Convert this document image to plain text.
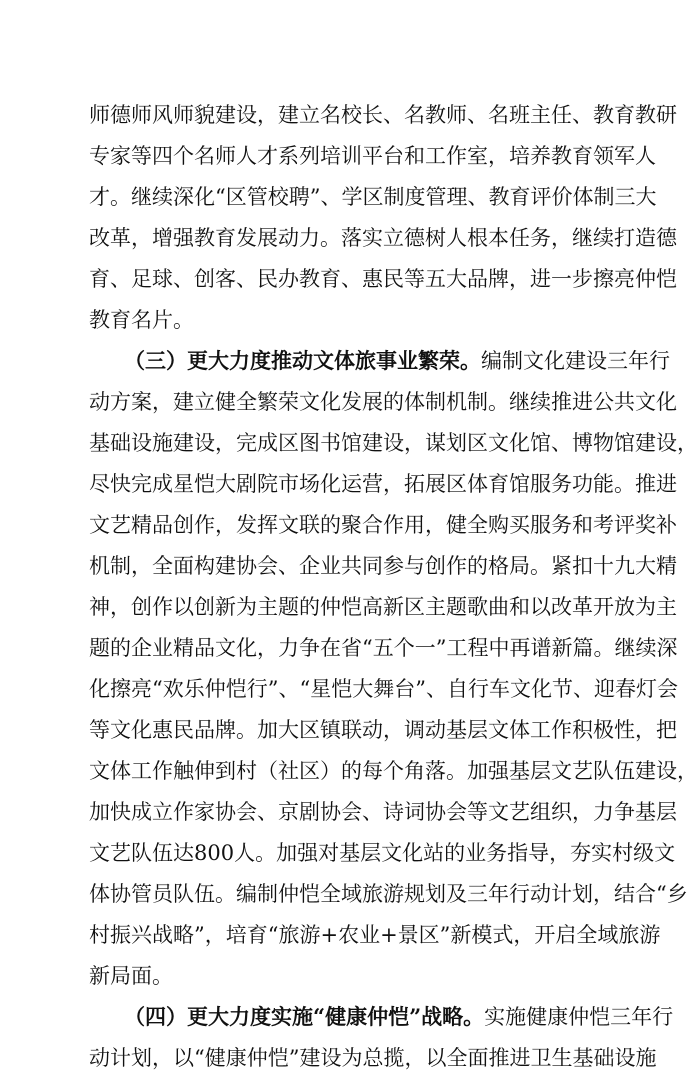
师德师风师貌建设，建立名校长、名教师、名班主任、教育教研
专家等四个名师人才系列培训平台和工作室，培养教育领军人
才。继续深化“区管校聘”、学区制度管理、教育评价体制三大
改革，增强教育发展动力。落实立德树人根本任务，继续打造德
育、足球、创客、民办教育、惠民等五大品牌，进一步擦亮仲恺
教育名片。
（三）更大力度推动文体旅事业繁荣。编制文化建设三年行
动方案，建立健全繁荣文化发展的体制机制。继续推进公共文化
基础设施建设，完成区图书馆建设，谋划区文化馆、博物馆建设，
尽快完成星恺大剧院市场化运营，拓展区体育馆服务功能。推进
文艺精品创作，发挥文联的聚合作用，健全购买服务和考评奖补
机制，全面构建协会、企业共同参与创作的格局。紧扣十九大精
神，创作以创新为主题的仲恺高新区主题歌曲和以改革开放为主
题的企业精品文化，力争在省“五个一”工程中再谱新篇。继续深
化擦亮“欢乐仲恺行”、“星恺大舞台”、自行车文化节、迎春灯会
等文化惠民品牌。加大区镇联动，调动基层文体工作积极性，把
文体工作触伸到村（社区）的每个角落。加强基层文艺队伍建设，
加快成立作家协会、京剧协会、诗词协会等文艺组织，力争基层
文艺队伍达800人。加强对基层文化站的业务指导，夯实村级文
体协管员队伍。编制仲恺全域旅游规划及三年行动计划，结合“乡
村振兴战略”，培育“旅游+农业+景区”新模式，开启全域旅游
新局面。
（四）更大力度实施“健康仲恺”战略。实施健康仲恺三年行
动计划，以“健康仲恺”建设为总揽，以全面推进卫生基础设施
